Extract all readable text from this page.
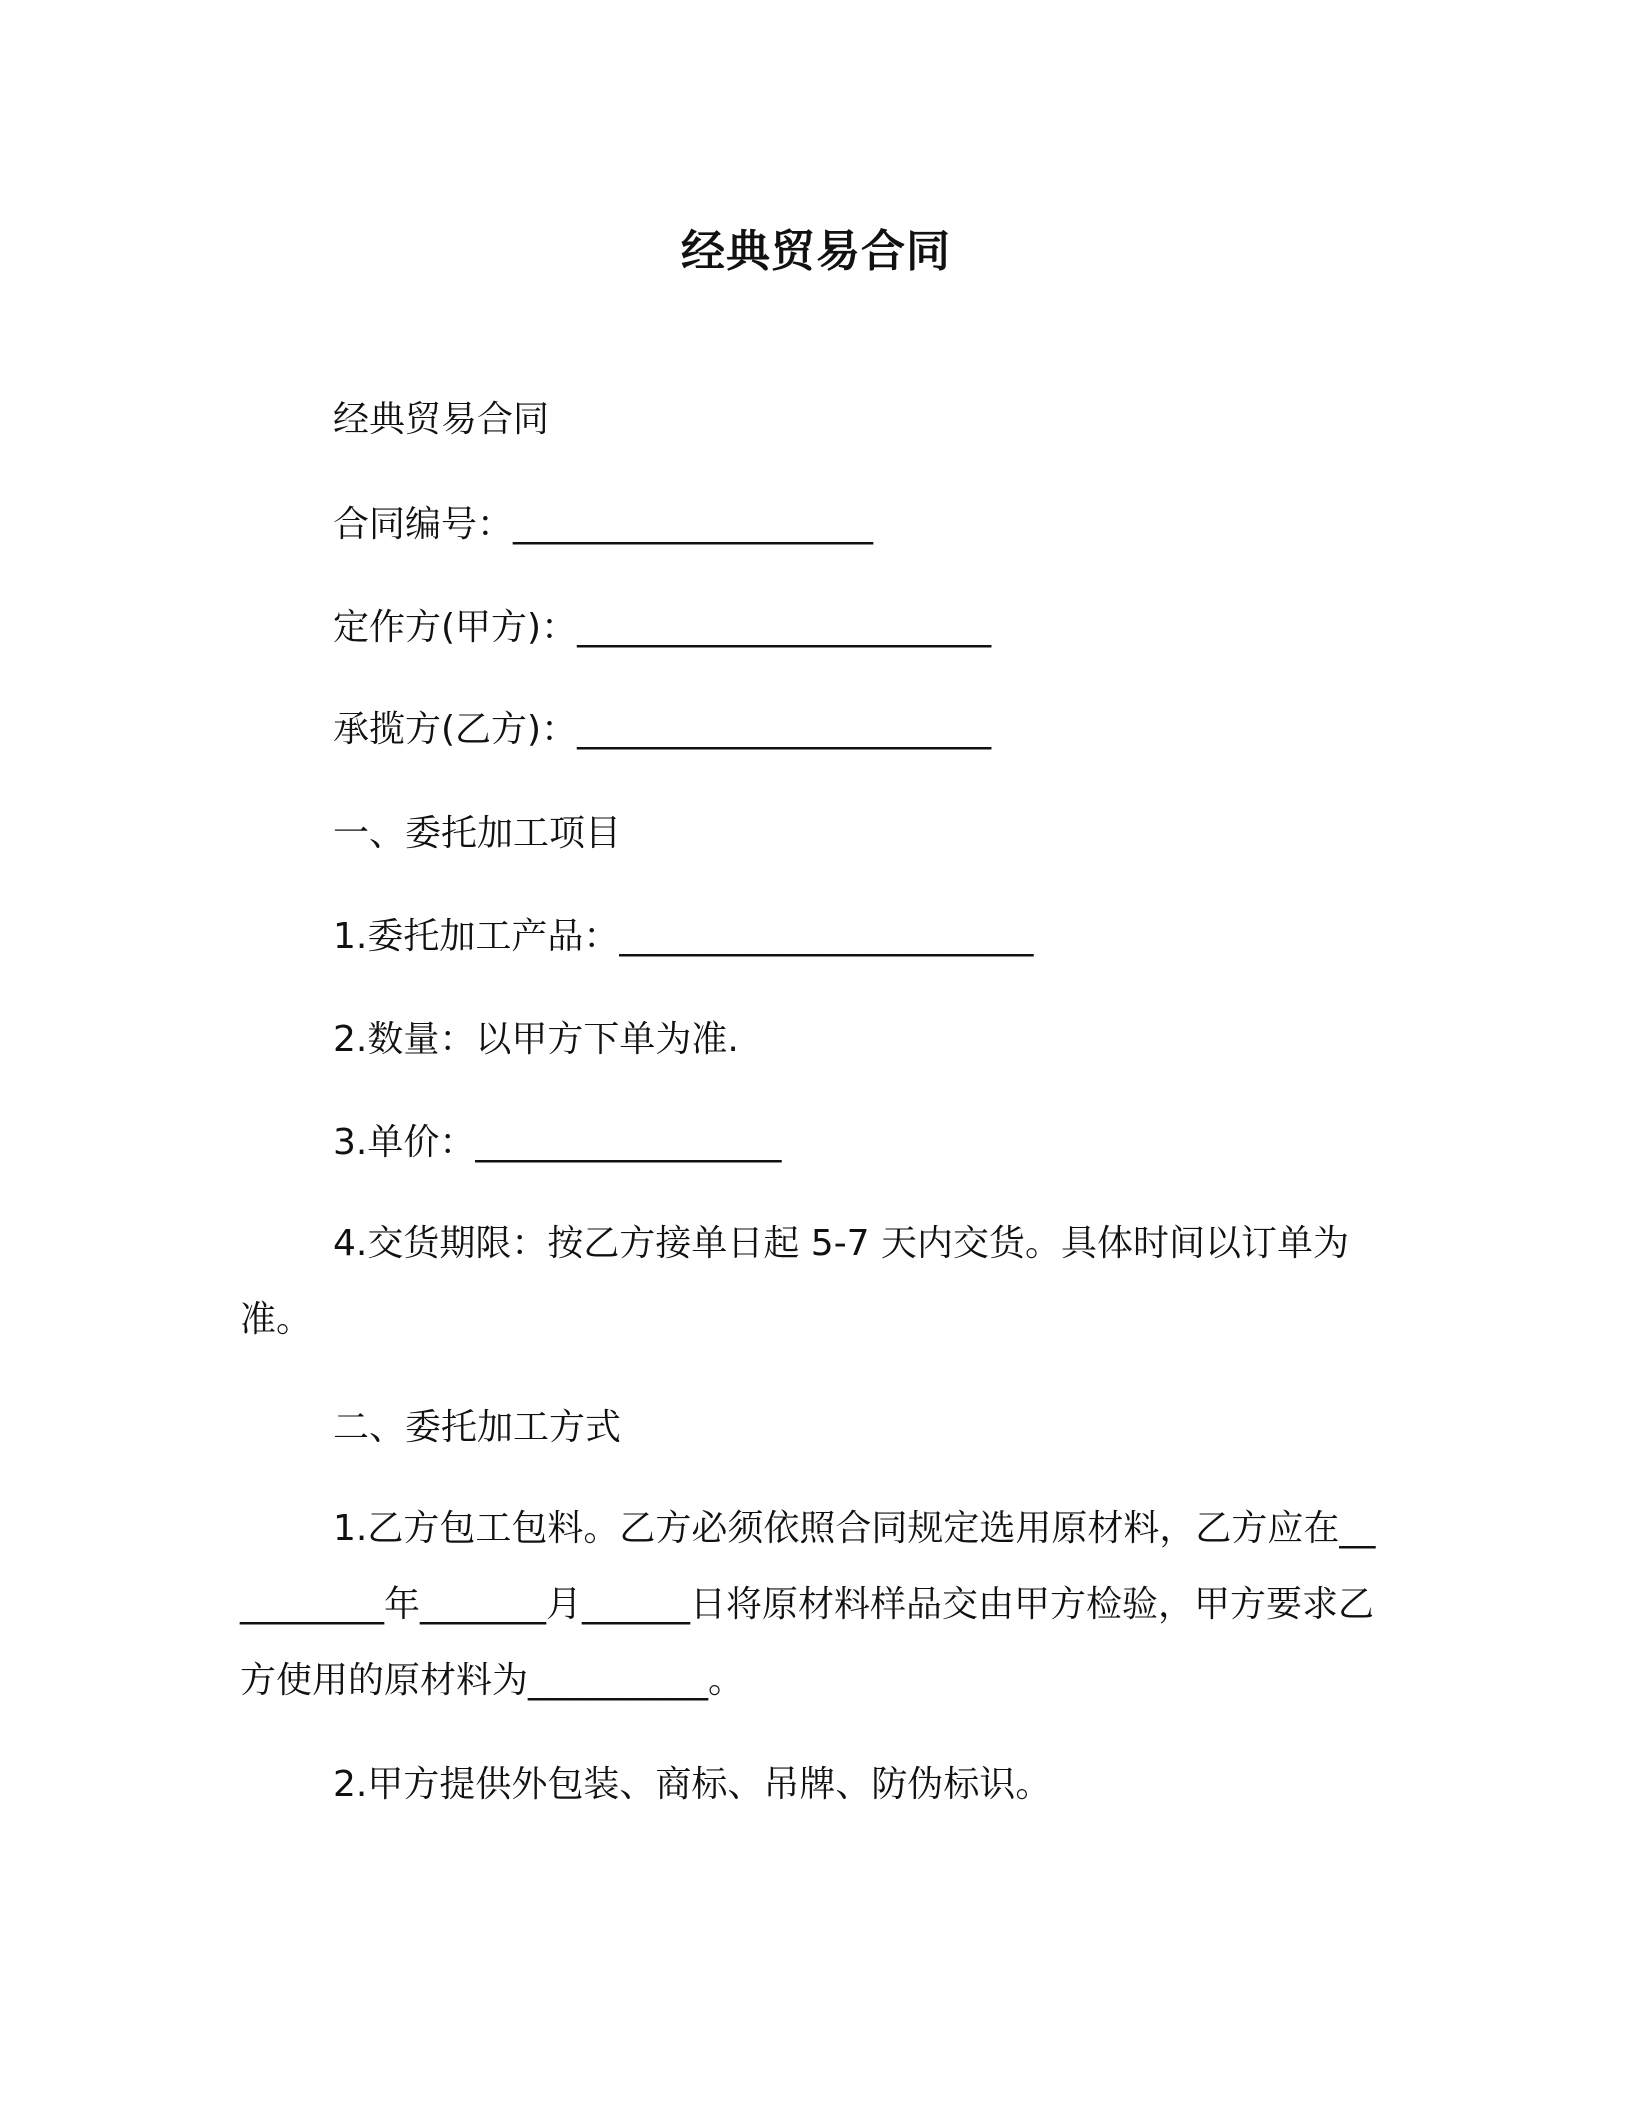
经典贸易合同
经典贸易合同
合同编号：____________________
定作方(甲方)：_______________________
承揽方(乙方)：_______________________
一、委托加工项目
1.委托加工产品：_______________________
2.数量：以甲方下单为准.
3.单价：_________________
4.交货期限：按乙方接单日起 5-7 天内交货。具体时间以订单为准。
二、委托加工方式
1.乙方包工包料。乙方必须依照合同规定选用原材料，乙方应在__________年_______月______日将原材料样品交由甲方检验，甲方要求乙方使用的原材料为__________。
2.甲方提供外包装、商标、吊牌、防伪标识。
